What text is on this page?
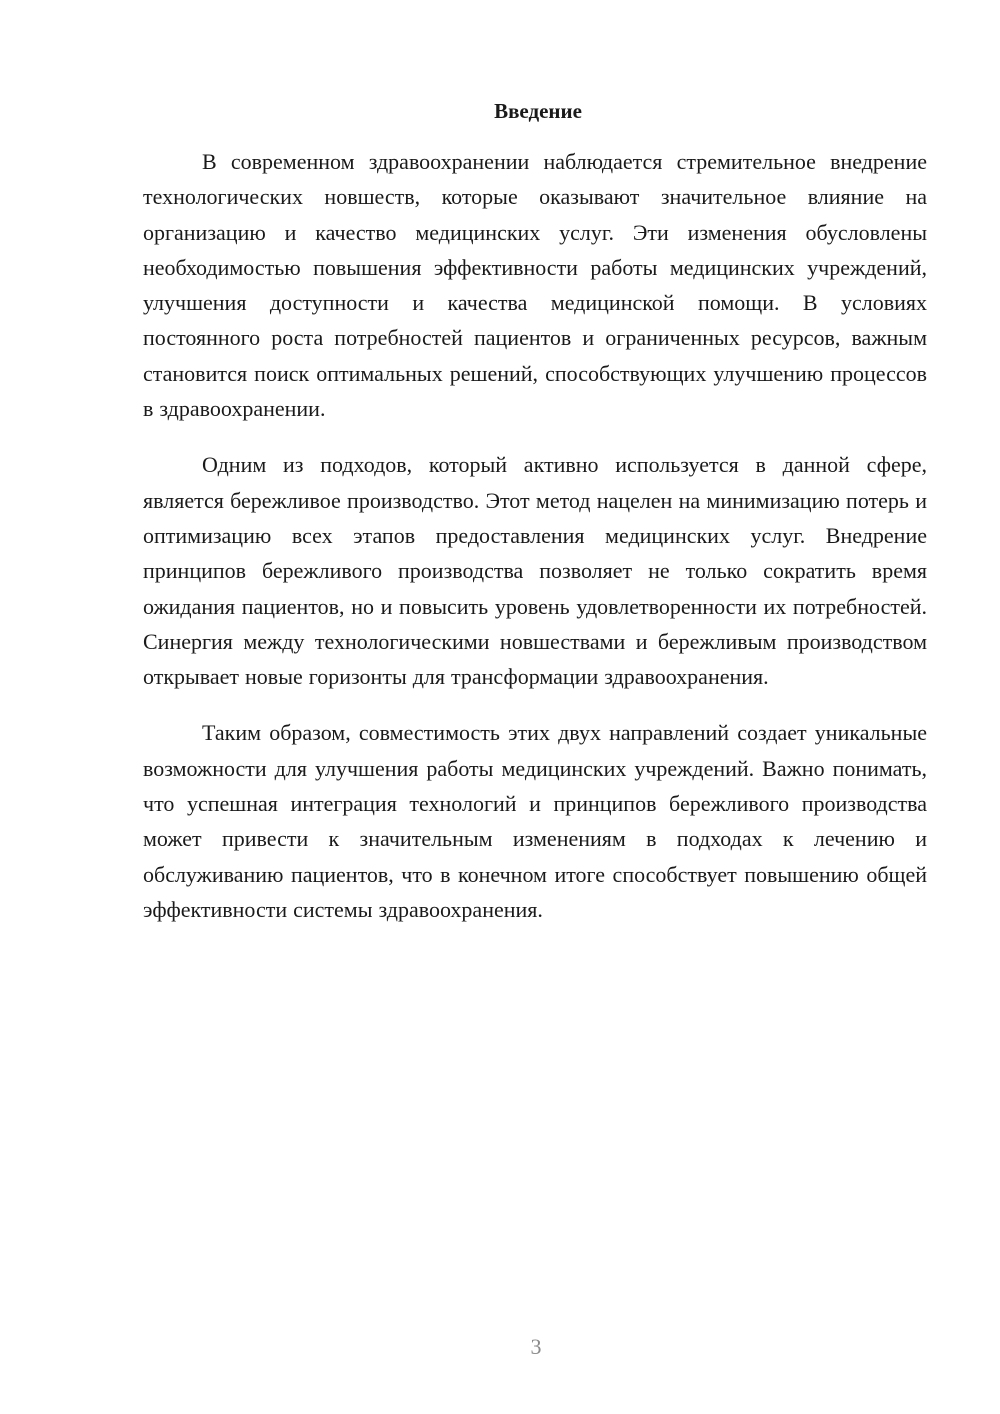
Введение

В современном здравоохранении наблюдается стремительное внедрение технологических новшеств, которые оказывают значительное влияние на организацию и качество медицинских услуг. Эти изменения обусловлены необходимостью повышения эффективности работы медицинских учреждений, улучшения доступности и качества медицинской помощи. В условиях постоянного роста потребностей пациентов и ограниченных ресурсов, важным становится поиск оптимальных решений, способствующих улучшению процессов в здравоохранении.

Одним из подходов, который активно используется в данной сфере, является бережливое производство. Этот метод нацелен на минимизацию потерь и оптимизацию всех этапов предоставления медицинских услуг. Внедрение принципов бережливого производства позволяет не только сократить время ожидания пациентов, но и повысить уровень удовлетворенности их потребностей. Синергия между технологическими новшествами и бережливым производством открывает новые горизонты для трансформации здравоохранения.

Таким образом, совместимость этих двух направлений создает уникальные возможности для улучшения работы медицинских учреждений. Важно понимать, что успешная интеграция технологий и принципов бережливого производства может привести к значительным изменениям в подходах к лечению и обслуживанию пациентов, что в конечном итоге способствует повышению общей эффективности системы здравоохранения.

3
